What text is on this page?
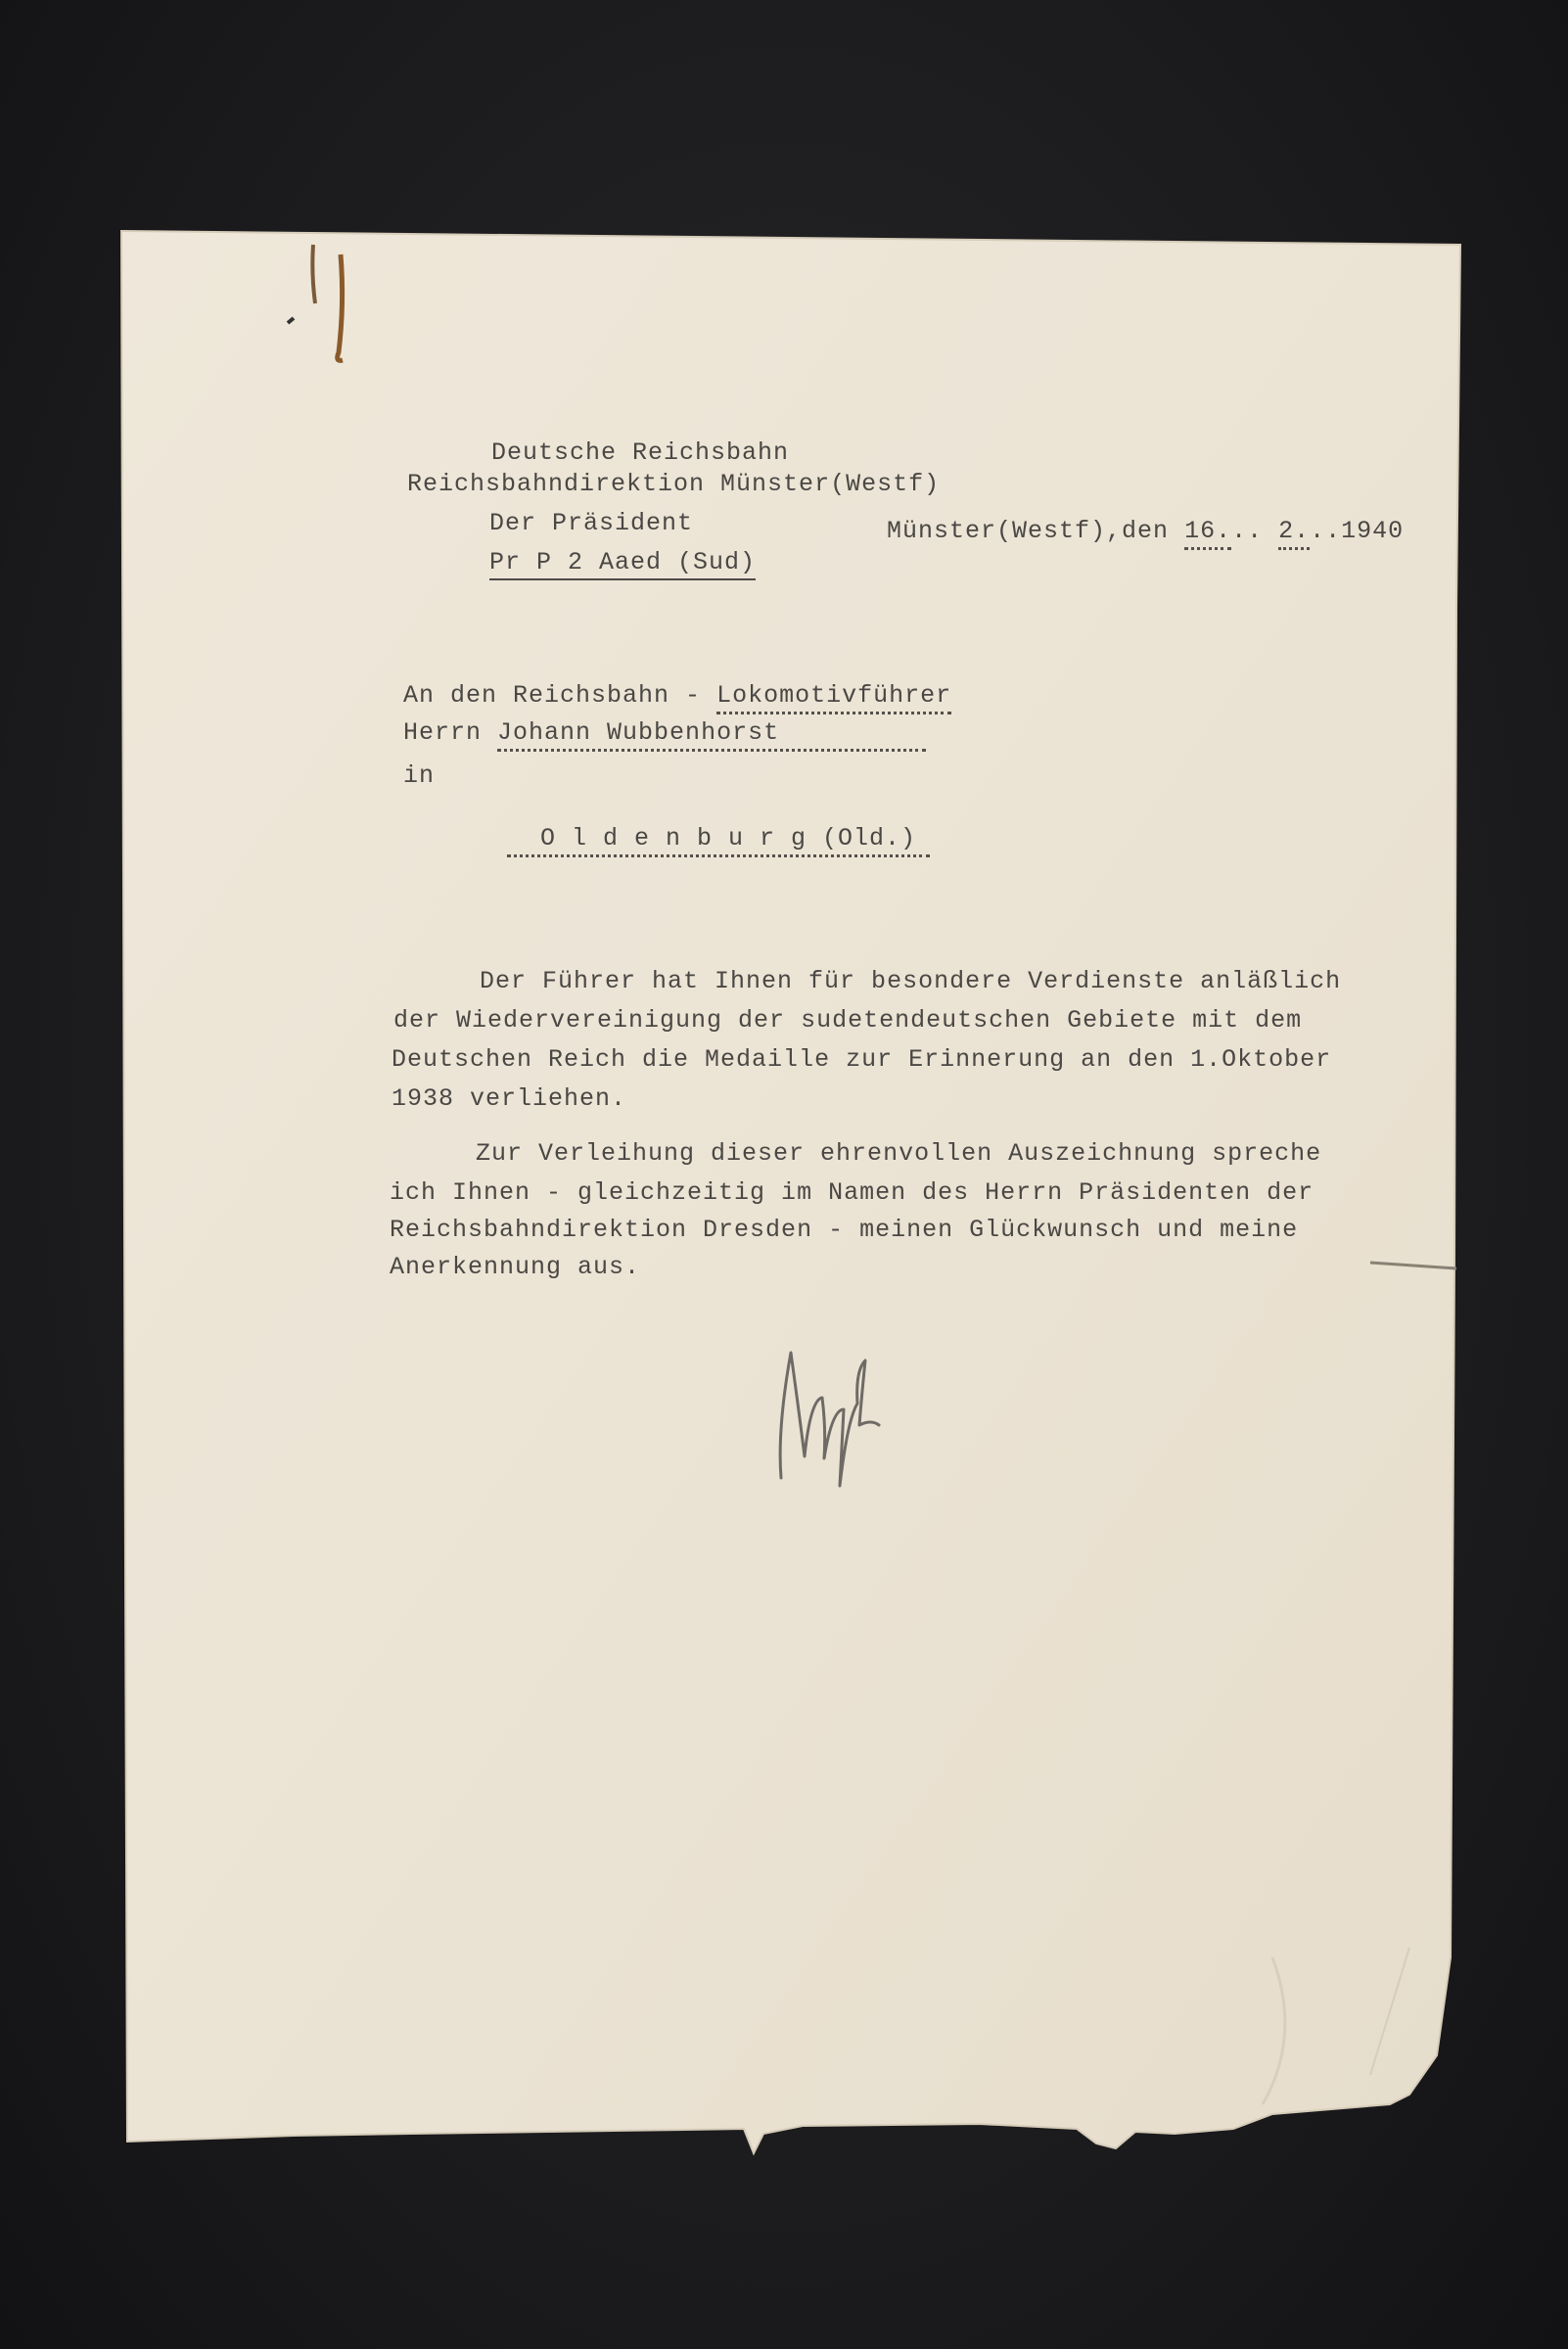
Deutsche Reichsbahn
Reichsbahndirektion Münster(Westf)
Der Präsident
Pr P 2 Aaed (Sud)
Münster(Westf),den 16... 2...1940
An den Reichsbahn - Lokomotivführer
Herrn Johann Wubbenhorst
in
O l d e n b u r g (Old.)
Der Führer hat Ihnen für besondere Verdienste anläßlich
der Wiedervereinigung der sudetendeutschen Gebiete mit dem
Deutschen Reich die Medaille zur Erinnerung an den 1.Oktober
1938 verliehen.
Zur Verleihung dieser ehrenvollen Auszeichnung spreche
ich Ihnen - gleichzeitig im Namen des Herrn Präsidenten der
Reichsbahndirektion Dresden - meinen Glückwunsch und meine
Anerkennung aus.
